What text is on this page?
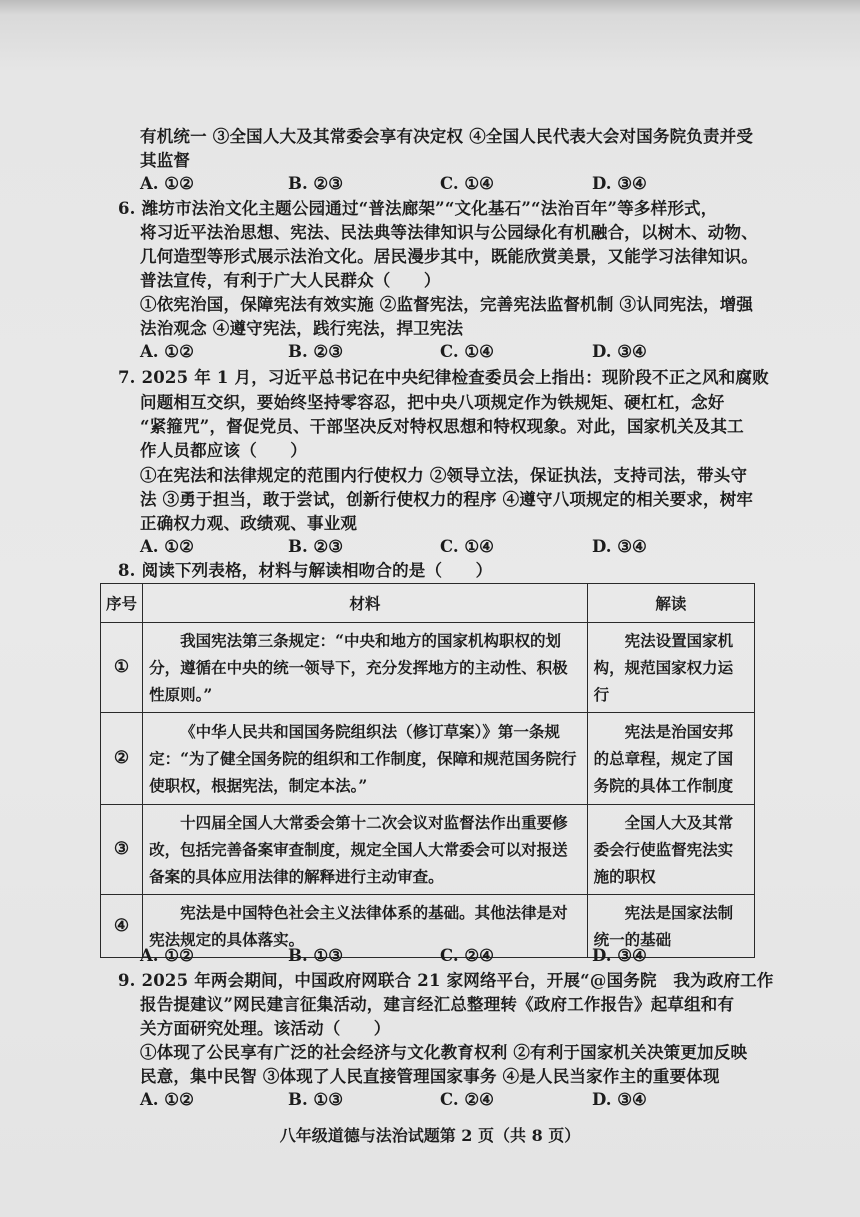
有机统一 ③全国人大及其常委会享有决定权 ④全国人民代表大会对国务院负责并受
其监督
A. ①②	B. ②③	C. ①④	D. ③④
6. 潍坊市法治文化主题公园通过“普法廊架”“文化基石”“法治百年”等多样形式，
将习近平法治思想、宪法、民法典等法律知识与公园绿化有机融合，以树木、动物、
几何造型等形式展示法治文化。居民漫步其中，既能欣赏美景，又能学习法律知识。
普法宣传，有利于广大人民群众（　　）
①依宪治国，保障宪法有效实施 ②监督宪法，完善宪法监督机制 ③认同宪法，增强
法治观念 ④遵守宪法，践行宪法，捍卫宪法
A. ①②	B. ②③	C. ①④	D. ③④
7. 2025 年 1 月，习近平总书记在中央纪律检查委员会上指出：现阶段不正之风和腐败
问题相互交织，要始终坚持零容忍，把中央八项规定作为铁规矩、硬杠杠，念好
“紧箍咒”，督促党员、干部坚决反对特权思想和特权现象。对此，国家机关及其工
作人员都应该（　　）
①在宪法和法律规定的范围内行使权力 ②领导立法，保证执法，支持司法，带头守
法 ③勇于担当，敢于尝试，创新行使权力的程序 ④遵守八项规定的相关要求，树牢
正确权力观、政绩观、事业观
A. ①②	B. ②③	C. ①④	D. ③④
8. 阅读下列表格，材料与解读相吻合的是（　　）
序号	材料	解读
①	我国宪法第三条规定：“中央和地方的国家机构职权的划分，遵循在中央的统一领导下，充分发挥地方的主动性、积极性原则。”	宪法设置国家机构，规范国家权力运行
②	《中华人民共和国国务院组织法（修订草案）》第一条规定：“为了健全国务院的组织和工作制度，保障和规范国务院行使职权，根据宪法，制定本法。”	宪法是治国安邦的总章程，规定了国务院的具体工作制度
③	十四届全国人大常委会第十二次会议对监督法作出重要修改，包括完善备案审查制度，规定全国人大常委会可以对报送备案的具体应用法律的解释进行主动审查。	全国人大及其常委会行使监督宪法实施的职权
④	宪法是中国特色社会主义法律体系的基础。其他法律是对宪法规定的具体落实。	宪法是国家法制统一的基础
A. ①②	B. ①③	C. ②④	D. ③④
9. 2025 年两会期间，中国政府网联合 21 家网络平台，开展“@国务院　我为政府工作
报告提建议”网民建言征集活动，建言经汇总整理转《政府工作报告》起草组和有
关方面研究处理。该活动（　　）
①体现了公民享有广泛的社会经济与文化教育权利 ②有利于国家机关决策更加反映
民意，集中民智 ③体现了人民直接管理国家事务 ④是人民当家作主的重要体现
A. ①②	B. ①③	C. ②④	D. ③④
八年级道德与法治试题第 2 页（共 8 页）
